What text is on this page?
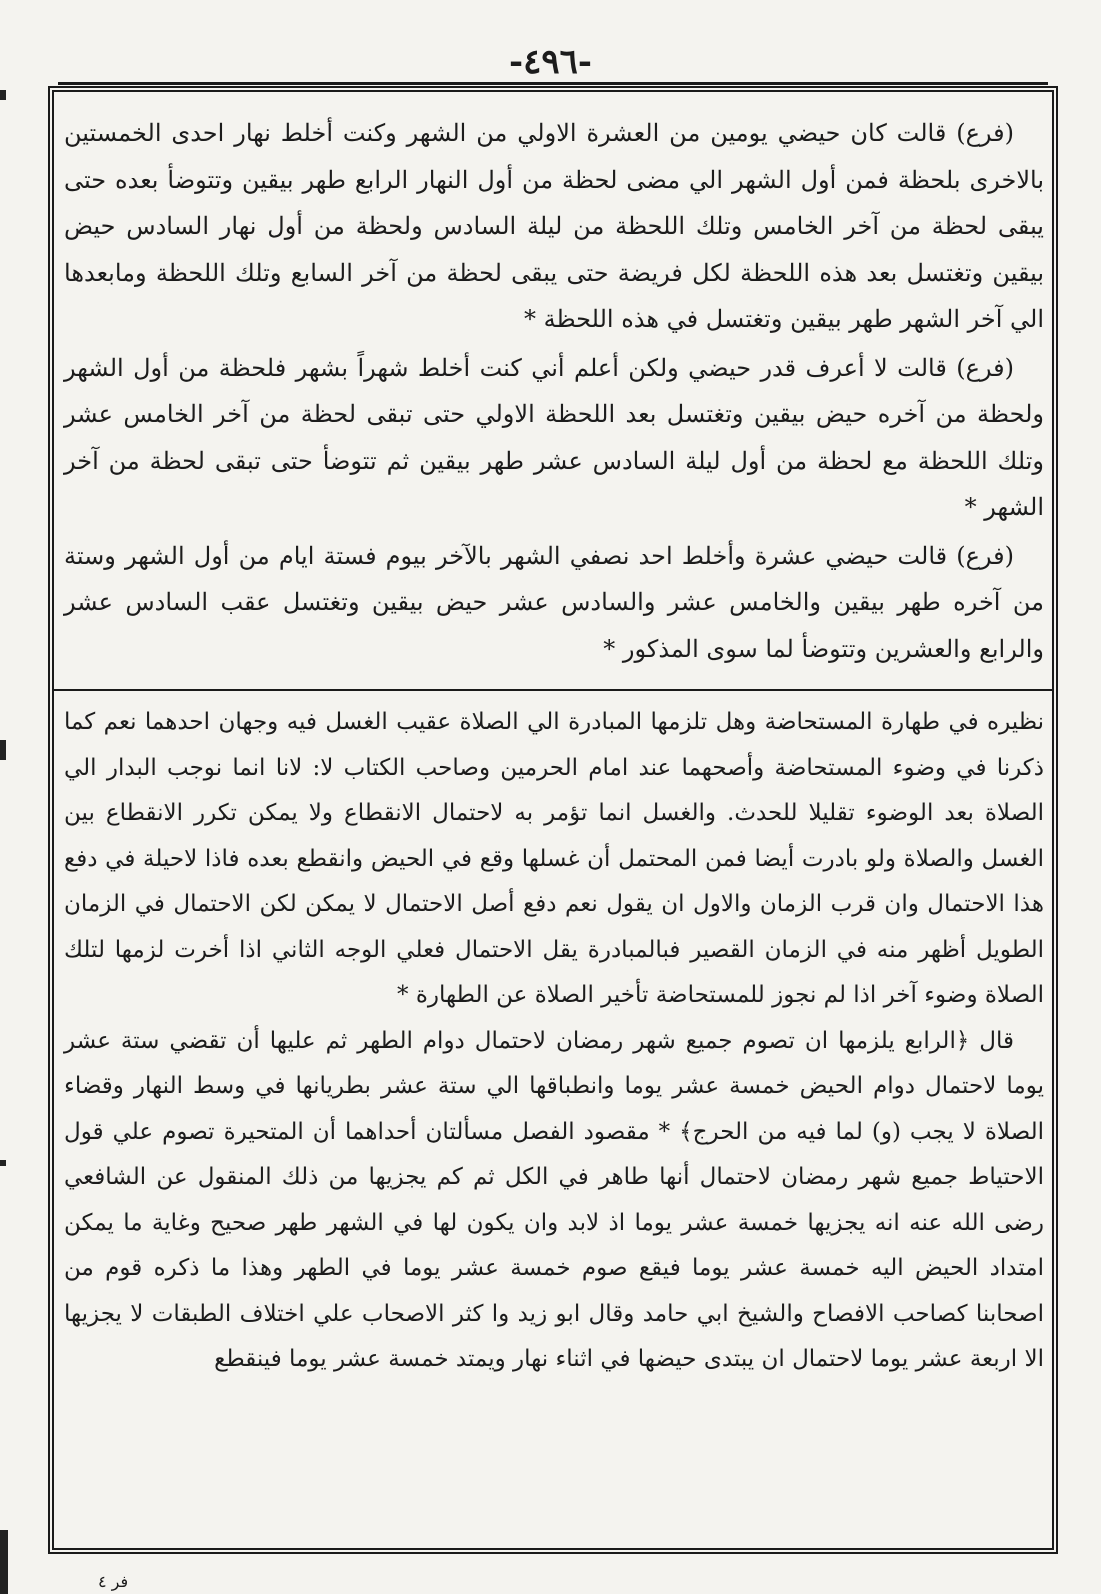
-٤٩٦-

(فرع) قالت كان حيضي يومين من العشرة الاولي من الشهر وكنت أخلط نهار احدى الخمستين بالاخرى بلحظة فمن أول الشهر الي مضى لحظة من أول النهار الرابع طهر بيقين وتتوضأ بعده حتى يبقى لحظة من آخر الخامس وتلك اللحظة من ليلة السادس ولحظة من أول نهار السادس حيض بيقين وتغتسل بعد هذه اللحظة لكل فريضة حتى يبقى لحظة من آخر السابع وتلك اللحظة ومابعدها الي آخر الشهر طهر بيقين وتغتسل في هذه اللحظة *

(فرع) قالت لا أعرف قدر حيضي ولكن أعلم أني كنت أخلط شهراً بشهر فلحظة من أول الشهر ولحظة من آخره حيض بيقين وتغتسل بعد اللحظة الاولي حتى تبقى لحظة من آخر الخامس عشر وتلك اللحظة مع لحظة من أول ليلة السادس عشر طهر بيقين ثم تتوضأ حتى تبقى لحظة من آخر الشهر *

(فرع) قالت حيضي عشرة وأخلط احد نصفي الشهر بالآخر بيوم فستة ايام من أول الشهر وستة من آخره طهر بيقين والخامس عشر والسادس عشر حيض بيقين وتغتسل عقب السادس عشر والرابع والعشرين وتتوضأ لما سوى المذكور *

نظيره في طهارة المستحاضة وهل تلزمها المبادرة الي الصلاة عقيب الغسل فيه وجهان احدهما نعم كما ذكرنا في وضوء المستحاضة وأصحهما عند امام الحرمين وصاحب الكتاب لا: لانا انما نوجب البدار الي الصلاة بعد الوضوء تقليلا للحدث. والغسل انما تؤمر به لاحتمال الانقطاع ولا يمكن تكرر الانقطاع بين الغسل والصلاة ولو بادرت أيضا فمن المحتمل أن غسلها وقع في الحيض وانقطع بعده فاذا لاحيلة في دفع هذا الاحتمال وان قرب الزمان والاول ان يقول نعم دفع أصل الاحتمال لا يمكن لكن الاحتمال في الزمان الطويل أظهر منه في الزمان القصير فبالمبادرة يقل الاحتمال فعلي الوجه الثاني اذا أخرت لزمها لتلك الصلاة وضوء آخر اذا لم نجوز للمستحاضة تأخير الصلاة عن الطهارة *

قال ﴿الرابع يلزمها ان تصوم جميع شهر رمضان لاحتمال دوام الطهر ثم عليها أن تقضي ستة عشر يوما لاحتمال دوام الحيض خمسة عشر يوما وانطباقها الي ستة عشر بطريانها في وسط النهار وقضاء الصلاة لا يجب (و) لما فيه من الحرج﴾ * مقصود الفصل مسألتان أحداهما أن المتحيرة تصوم علي قول الاحتياط جميع شهر رمضان لاحتمال أنها طاهر في الكل ثم كم يجزيها من ذلك المنقول عن الشافعي رضى الله عنه انه يجزيها خمسة عشر يوما اذ لابد وان يكون لها في الشهر طهر صحيح وغاية ما يمكن امتداد الحيض اليه خمسة عشر يوما فيقع صوم خمسة عشر يوما في الطهر وهذا ما ذكره قوم من اصحابنا كصاحب الافصاح والشيخ ابي حامد وقال ابو زيد وا كثر الاصحاب علي اختلاف الطبقات لا يجزيها الا اربعة عشر يوما لاحتمال ان يبتدى حيضها في اثناء نهار ويمتد خمسة عشر يوما فينقطع

فر ٤
